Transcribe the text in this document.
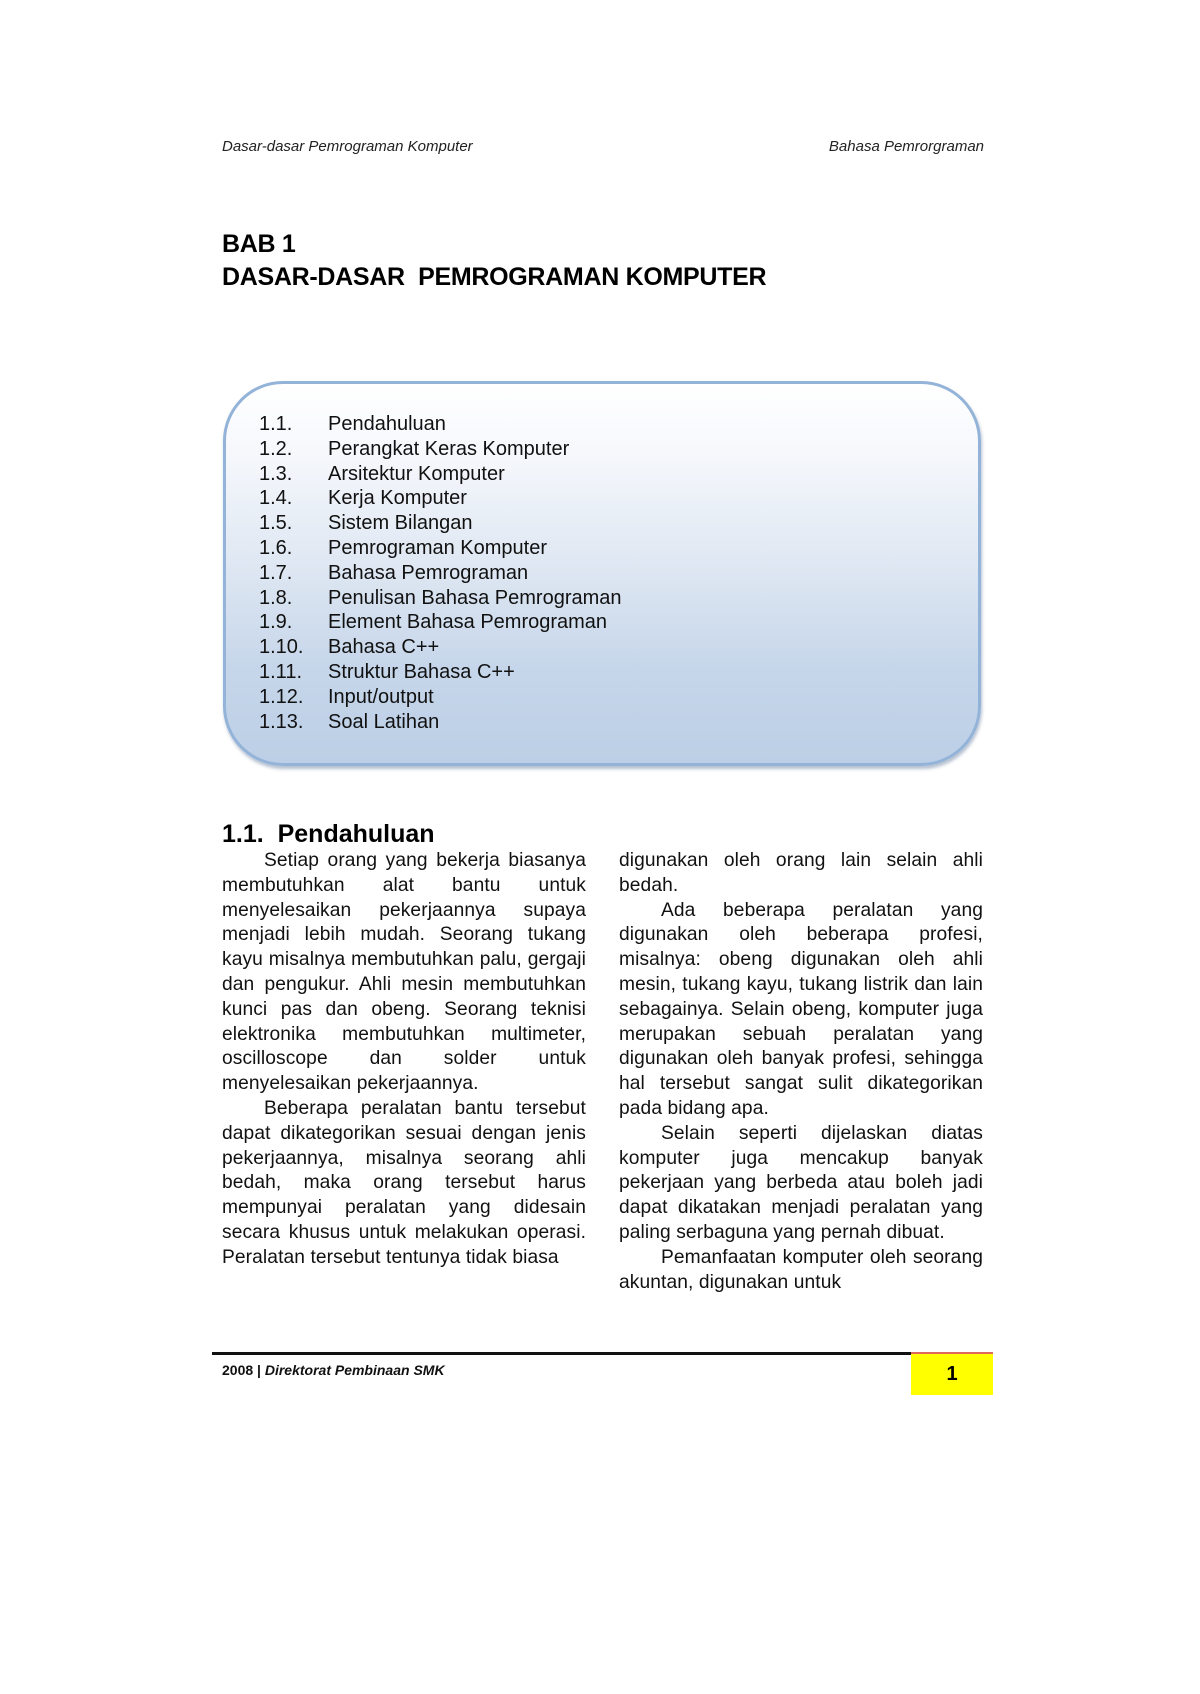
Dasar-dasar Pemrograman Komputer	Bahasa Pemrorgraman
BAB 1
DASAR-DASAR  PEMROGRAMAN KOMPUTER
1.1.	Pendahuluan
1.2.	Perangkat Keras Komputer
1.3.	Arsitektur Komputer
1.4.	Kerja Komputer
1.5.	Sistem Bilangan
1.6.	Pemrograman Komputer
1.7.	Bahasa Pemrograman
1.8.	Penulisan Bahasa Pemrograman
1.9.	Element Bahasa Pemrograman
1.10.	Bahasa C++
1.11.	Struktur Bahasa C++
1.12.	Input/output
1.13.	Soal Latihan
1.1.  Pendahuluan

Setiap orang yang bekerja biasanya membutuhkan alat bantu untuk menyelesaikan pekerjaannya supaya menjadi lebih mudah. Seorang tukang kayu misalnya membutuhkan palu, gergaji dan pengukur. Ahli mesin membutuhkan kunci pas dan obeng. Seorang teknisi elektronika membutuhkan multimeter, oscilloscope dan solder untuk menyelesaikan pekerjaannya.

Beberapa peralatan bantu tersebut dapat dikategorikan sesuai dengan jenis pekerjaannya, misalnya seorang ahli bedah, maka orang tersebut harus mempunyai peralatan yang didesain secara khusus untuk melakukan operasi. Peralatan tersebut tentunya tidak biasa

digunakan oleh orang lain selain ahli bedah.

Ada beberapa peralatan yang digunakan oleh beberapa profesi, misalnya: obeng digunakan oleh ahli mesin, tukang kayu, tukang listrik dan lain sebagainya. Selain obeng, komputer juga merupakan sebuah peralatan yang digunakan oleh banyak profesi, sehingga hal tersebut sangat sulit dikategorikan pada bidang apa.

Selain seperti dijelaskan diatas komputer juga mencakup banyak pekerjaan yang berbeda atau boleh jadi dapat dikatakan menjadi peralatan yang paling serbaguna yang pernah dibuat.

Pemanfaatan komputer oleh seorang akuntan, digunakan untuk

1
2008 | Direktorat Pembinaan SMK
